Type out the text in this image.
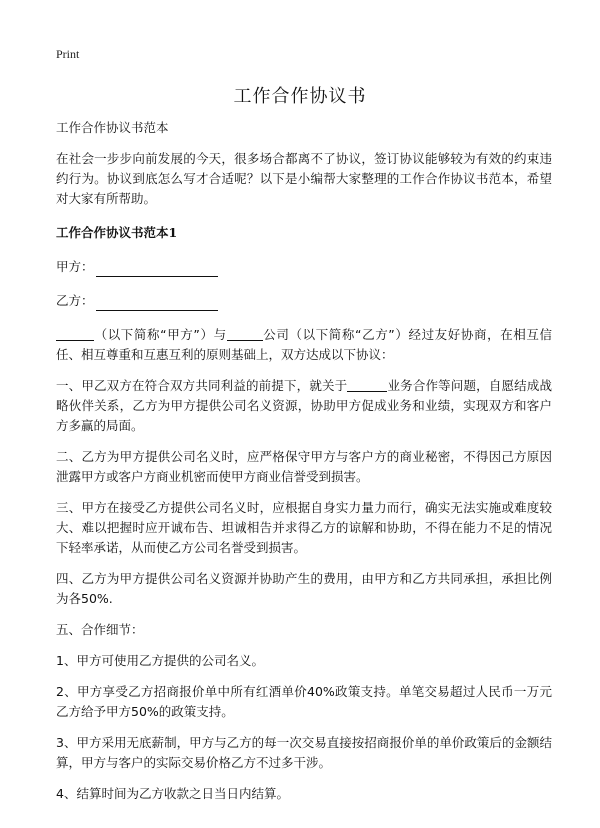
Print
工作合作协议书

工作合作协议书范本

在社会一步步向前发展的今天，很多场合都离不了协议，签订协议能够较为有效的约束违约行为。协议到底怎么写才合适呢？以下是小编帮大家整理的工作合作协议书范本，希望对大家有所帮助。

工作合作协议书范本1

甲方：

乙方：

（以下简称“甲方”）与	公司（以下简称“乙方”）经过友好协商，在相互信任、相互尊重和互惠互利的原则基础上，双方达成以下协议：

一、甲乙双方在符合双方共同利益的前提下，就关于	业务合作等问题，自愿结成战略伙伴关系，乙方为甲方提供公司名义资源，协助甲方促成业务和业绩，实现双方和客户方多赢的局面。

二、乙方为甲方提供公司名义时，应严格保守甲方与客户方的商业秘密，不得因己方原因泄露甲方或客户方商业机密而使甲方商业信誉受到损害。

三、甲方在接受乙方提供公司名义时，应根据自身实力量力而行，确实无法实施或难度较大、难以把握时应开诚布告、坦诚相告并求得乙方的谅解和协助，不得在能力不足的情况下轻率承诺，从而使乙方公司名誉受到损害。

四、乙方为甲方提供公司名义资源并协助产生的费用，由甲方和乙方共同承担，承担比例为各50%.

五、合作细节：

1、甲方可使用乙方提供的公司名义。

2、甲方享受乙方招商报价单中所有红酒单价40%政策支持。单笔交易超过人民币一万元乙方给予甲方50%的政策支持。

3、甲方采用无底薪制，甲方与乙方的每一次交易直接按招商报价单的单价政策后的金额结算，甲方与客户的实际交易价格乙方不过多干涉。

4、结算时间为乙方收款之日当日内结算。
